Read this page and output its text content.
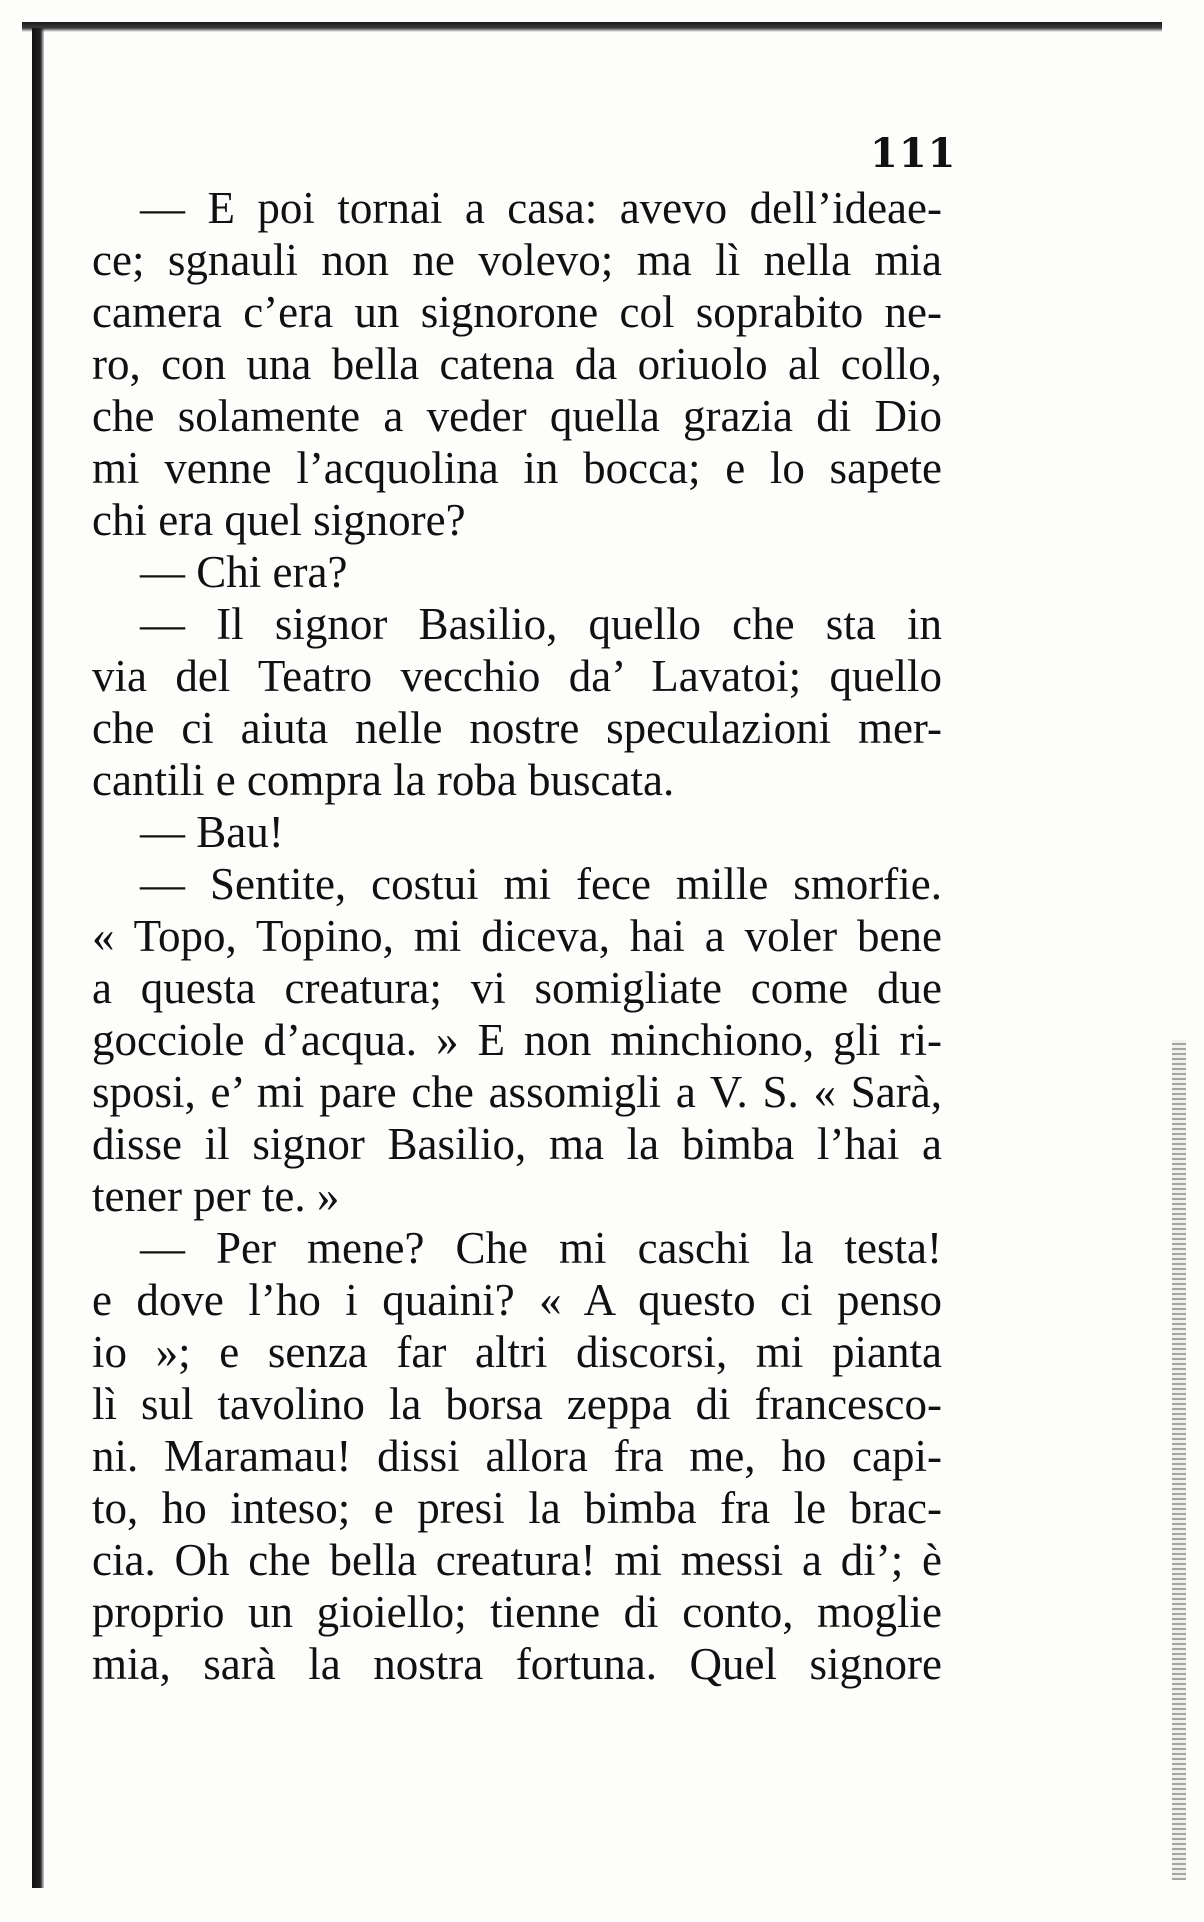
111
— E poi tornai a casa: avevo dell’ideae-
ce; sgnauli non ne volevo; ma lì nella mia
camera c’era un signorone col soprabito ne-
ro, con una bella catena da oriuolo al collo,
che solamente a veder quella grazia di Dio
mi venne l’acquolina in bocca; e lo sapete
chi era quel signore?
— Chi era?
— Il signor Basilio, quello che sta in
via del Teatro vecchio da’ Lavatoi; quello
che ci aiuta nelle nostre speculazioni mer-
cantili e compra la roba buscata.
— Bau!
— Sentite, costui mi fece mille smorfie.
« Topo, Topino, mi diceva, hai a voler bene
a questa creatura; vi somigliate come due
gocciole d’acqua. » E non minchiono, gli ri-
sposi, e’ mi pare che assomigli a V. S. « Sarà,
disse il signor Basilio, ma la bimba l’hai a
tener per te. »
— Per mene? Che mi caschi la testa!
e dove l’ho i quaini? « A questo ci penso
io »; e senza far altri discorsi, mi pianta
lì sul tavolino la borsa zeppa di francesco-
ni. Maramau! dissi allora fra me, ho capi-
to, ho inteso; e presi la bimba fra le brac-
cia. Oh che bella creatura! mi messi a di’; è
proprio un gioiello; tienne di conto, moglie
mia, sarà la nostra fortuna. Quel signore
